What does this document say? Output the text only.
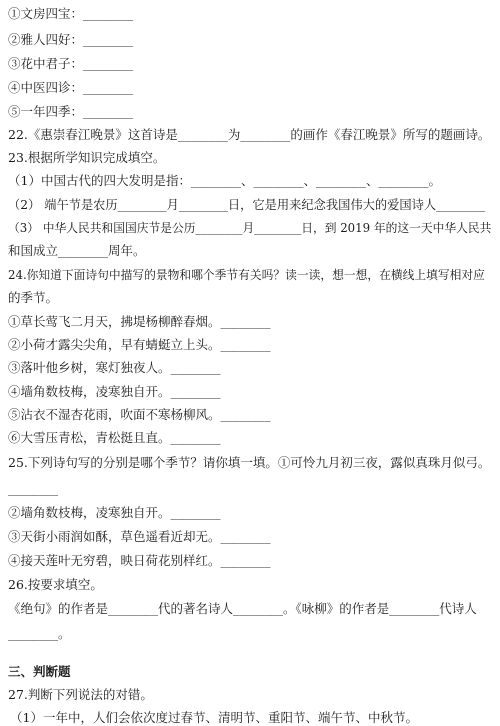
①文房四宝：________
②雅人四好：________
③花中君子：________
④中医四诊：________
⑤一年四季：________
22.《惠崇春江晚景》这首诗是________为________的画作《春江晚景》所写的题画诗。
23.根据所学知识完成填空。
（1）中国古代的四大发明是指：________、________、________、________。
（2） 端午节是农历________月________日，它是用来纪念我国伟大的爱国诗人________
（3） 中华人民共和国国庆节是公历________月________日，到 2019 年的这一天中华人民共
和国成立________周年。
24.你知道下面诗句中描写的景物和哪个季节有关吗？读一读，想一想，在横线上填写相对应
的季节。
①草长莺飞二月天，拂堤杨柳醉春烟。________
②小荷才露尖尖角，早有蜻蜓立上头。________
③落叶他乡树，寒灯独夜人。________
④墙角数枝梅，凌寒独自开。________
⑤沾衣不湿杏花雨，吹面不寒杨柳风。________
⑥大雪压青松，青松挺且直。________
25.下列诗句写的分别是哪个季节？请你填一填。①可怜九月初三夜，露似真珠月似弓。
________
②墙角数枝梅，凌寒独自开。________
③天街小雨润如酥，草色遥看近却无。________
④接天莲叶无穷碧，映日荷花别样红。________
26.按要求填空。
《绝句》的作者是________代的著名诗人________。《咏柳》的作者是________代诗人
________。
三、判断题
27.判断下列说法的对错。
（1）一年中，人们会依次度过春节、清明节、重阳节、端午节、中秋节。
